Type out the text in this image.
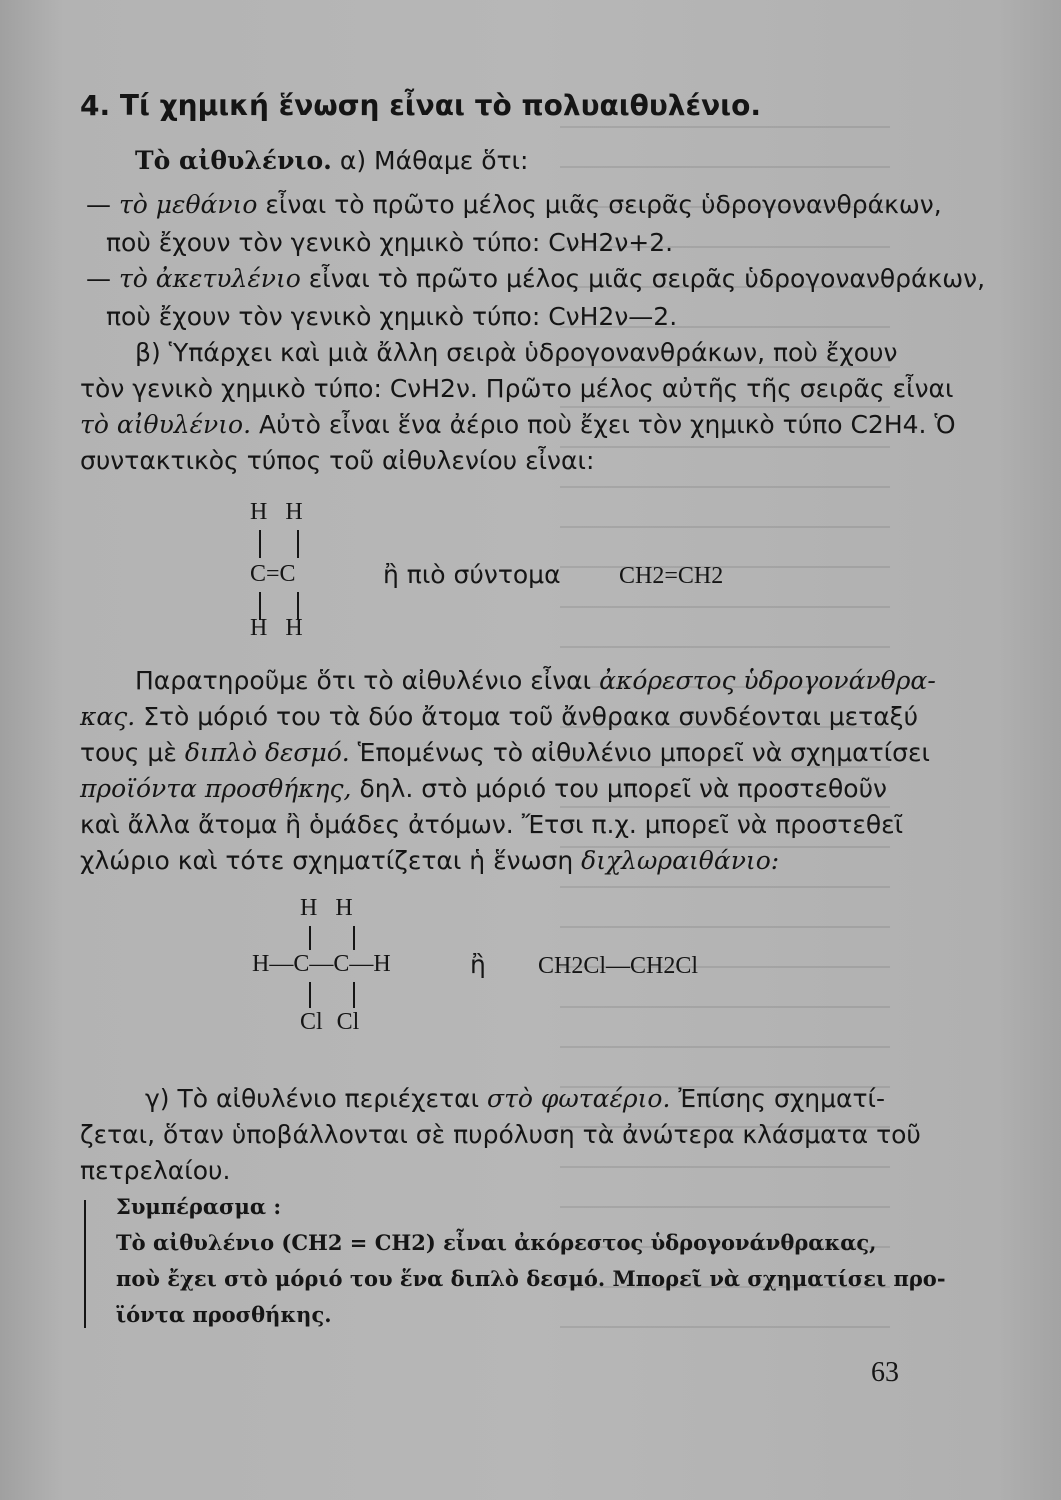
4. Τί χημική ἕνωση εἶναι τὸ πολυαιθυλένιο.
Τὸ αἰθυλένιο. α) Μάθαμε ὅτι:
— τὸ μεθάνιο εἶναι τὸ πρῶτο μέλος μιᾶς σειρᾶς ὑδρογονανθράκων,
ποὺ ἔχουν τὸν γενικὸ χημικὸ τύπο: CνH2ν+2.
— τὸ ἀκετυλένιο εἶναι τὸ πρῶτο μέλος μιᾶς σειρᾶς ὑδρογονανθράκων,
ποὺ ἔχουν τὸν γενικὸ χημικὸ τύπο: CνH2ν—2.
β) Ὑπάρχει καὶ μιὰ ἄλλη σειρὰ ὑδρογονανθράκων, ποὺ ἔχουν
τὸν γενικὸ χημικὸ τύπο: CνH2ν. Πρῶτο μέλος αὐτῆς τῆς σειρᾶς εἶναι
τὸ αἰθυλένιο. Αὐτὸ εἶναι ἕνα ἀέριο ποὺ ἔχει τὸν χημικὸ τύπο C2H4. Ὁ
συντακτικὸς τύπος τοῦ αἰθυλενίου εἶναι:
H H
C=C
H H
ἢ πιὸ σύντομα CH2=CH2
Παρατηροῦμε ὅτι τὸ αἰθυλένιο εἶναι ἀκόρεστος ὑδρογονάνθρα-
κας. Στὸ μόριό του τὰ δύο ἄτομα τοῦ ἄνθρακα συνδέονται μεταξύ
τους μὲ διπλὸ δεσμό. Ἑπομένως τὸ αἰθυλένιο μπορεῖ νὰ σχηματίσει
προϊόντα προσθήκης, δηλ. στὸ μόριό του μπορεῖ νὰ προστεθοῦν
καὶ ἄλλα ἄτομα ἢ ὁμάδες ἀτόμων. Ἔτσι π.χ. μπορεῖ νὰ προστεθεῖ
χλώριο καὶ τότε σχηματίζεται ἡ ἕνωση διχλωραιθάνιο:
H H
H—C—C—H
Cl Cl
ἢ CH2Cl—CH2Cl
γ) Τὸ αἰθυλένιο περιέχεται στὸ φωταέριο. Ἐπίσης σχηματί-
ζεται, ὅταν ὑποβάλλονται σὲ πυρόλυση τὰ ἀνώτερα κλάσματα τοῦ
πετρελαίου.
Συμπέρασμα :
Τὸ αἰθυλένιο (CH2 = CH2) εἶναι ἀκόρεστος ὑδρογονάνθρακας,
ποὺ ἔχει στὸ μόριό του ἕνα διπλὸ δεσμό. Μπορεῖ νὰ σχηματίσει προ-
ϊόντα προσθήκης.
63
